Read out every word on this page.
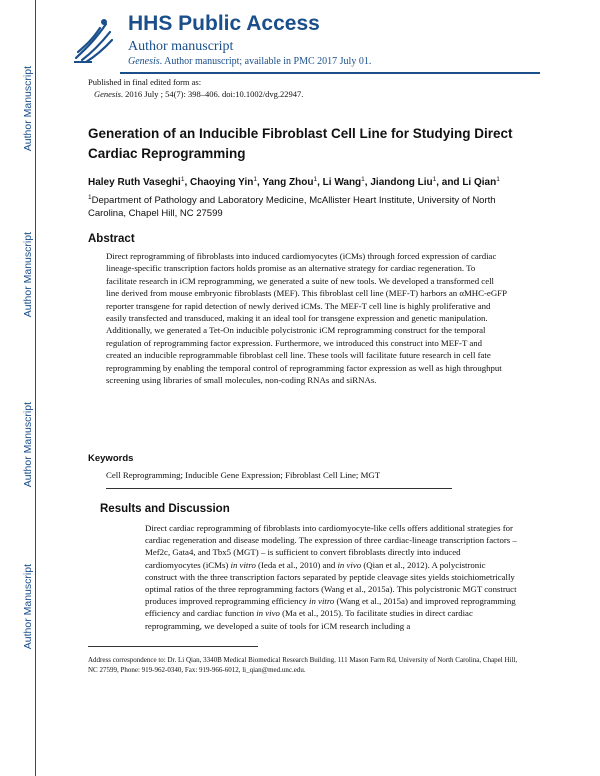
Author Manuscript
Author Manuscript
Author Manuscript
Author Manuscript
HHS Public Access
Author manuscript
Genesis. Author manuscript; available in PMC 2017 July 01.
Published in final edited form as:
Genesis. 2016 July ; 54(7): 398–406. doi:10.1002/dvg.22947.
Generation of an Inducible Fibroblast Cell Line for Studying Direct Cardiac Reprogramming
Haley Ruth Vaseghi$^1$, Chaoying Yin$^1$, Yang Zhou$^1$, Li Wang$^1$, Jiandong Liu$^1$, and Li Qian$^1$
$^1$Department of Pathology and Laboratory Medicine, McAllister Heart Institute, University of North Carolina, Chapel Hill, NC 27599
Abstract
Direct reprogramming of fibroblasts into induced cardiomyocytes (iCMs) through forced expression of cardiac lineage-specific transcription factors holds promise as an alternative strategy for cardiac regeneration. To facilitate research in iCM reprogramming, we generated a suite of new tools. We developed a transformed cell line derived from mouse embryonic fibroblasts (MEF). This fibroblast cell line (MEF-T) harbors an αMHC-eGFP reporter transgene for rapid detection of newly derived iCMs. The MEF-T cell line is highly proliferative and easily transfected and transduced, making it an ideal tool for transgene expression and genetic manipulation. Additionally, we generated a Tet-On inducible polycistronic iCM reprogramming construct for the temporal regulation of reprogramming factor expression. Furthermore, we introduced this construct into MEF-T and created an inducible reprogrammable fibroblast cell line. These tools will facilitate future research in cell fate reprogramming by enabling the temporal control of reprogramming factor expression as well as high throughput screening using libraries of small molecules, non-coding RNAs and siRNAs.
Keywords
Cell Reprogramming; Inducible Gene Expression; Fibroblast Cell Line; MGT
Results and Discussion
Direct cardiac reprogramming of fibroblasts into cardiomyocyte-like cells offers additional strategies for cardiac regeneration and disease modeling. The expression of three cardiac-lineage transcription factors – Mef2c, Gata4, and Tbx5 (MGT) – is sufficient to convert fibroblasts directly into induced cardiomyocytes (iCMs) in vitro (Ieda et al., 2010) and in vivo (Qian et al., 2012). A polycistronic construct with the three transcription factors separated by peptide cleavage sites yields stoichiometrically optimal ratios of the three reprogramming factors (Wang et al., 2015a). This polycistronic MGT construct produces improved reprogramming efficiency in vitro (Wang et al., 2015a) and improved reprogramming efficiency and cardiac function in vivo (Ma et al., 2015). To facilitate studies in direct cardiac reprogramming, we developed a suite of tools for iCM research including a
Address correspondence to: Dr. Li Qian, 3340B Medical Biomedical Research Building, 111 Mason Farm Rd, University of North Carolina, Chapel Hill, NC 27599, Phone: 919-962-0340, Fax: 919-966-6012, li_qian@med.unc.edu.
